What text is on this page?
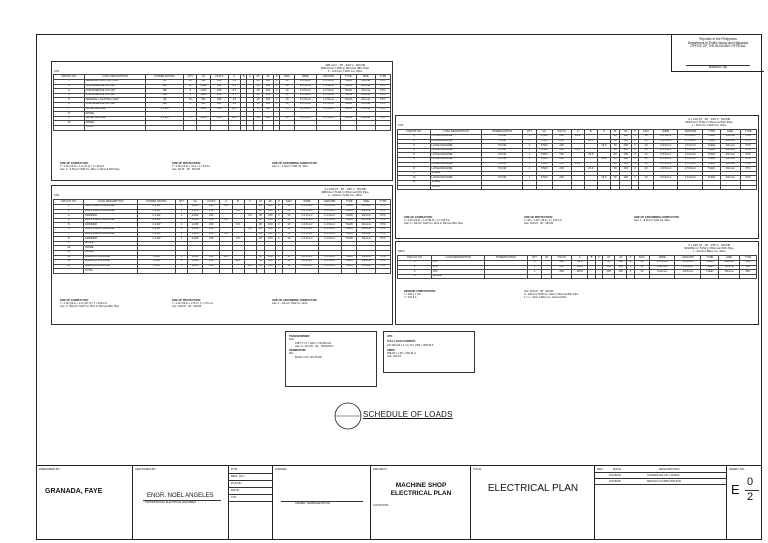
Republic of the Philippines
Department of Public Works and Highways
OFFICE OF THE BUILDING OFFICIAL
Bacolod City
LP1
3#8 mm² , 2P , 230 V , MCCB
3#8.0mm² THW in 20mmø IMC Pipe
1 - 2.0mm² THW Cu. Wire
CIRCUIT NO.	LOAD DESCRIPTION	POWER RATING	QTY	VA	VOLTS	A	B	C	AT	AF	P	KAIC	WIRE	GROUND	TYPE	SIZE	TYPE
1	GENERAL LIGHTING LOAD	36	12	432	230	1.9			20	100	2	10	2-3.5mm²	1-3.5mm²	THHN	20mmø	PVC
2	CONVENIENCE OUTLET	180	8	1440	230	6.3			20	100	2	10	2-3.5mm²	1-3.5mm²	THHN	20mmø	PVC
3	CONVENIENCE OUTLET	180	8	1440	230	6.3			20	100	2	10	2-3.5mm²	1-3.5mm²	THHN	20mmø	PVC
4	CONVENIENCE OUTLET	180	6	1080	230	4.7			20	100	2	10	2-3.5mm²	1-3.5mm²	THHN	20mmø	PVC
5	GENERAL LIGHTING LOAD	36	10	360	230	1.6			20	100	2	10	2-3.5mm²	1-3.5mm²	THHN	20mmø	PVC
6	CONVENIENCE OUTLET	180	5	900	230	3.9			20	100	2	10	2-3.5mm²	1-3.5mm²	THHN	20mmø	PVC
7	WATER HEATER	3.0 kW	1	3000	230	13.0			30	100	2	10	2-5.5mm²	1-5.5mm²	THHN	20mmø	PVC
8	SPARE																
9	WATER HEATER	3.0 kW	1	3000	230	13.0			30	100	2	10	2-5.5mm²	1-5.5mm²	THHN	20mmø	PVC
10	SPARE																
	TOTAL																
SIZE OF CONDUCTOR:
I = 1.25 (13.0) + 1.0 (41.2) / 1 = 49.8 A
Use: 3 - 5.5mm² THW Cu. Wire in 20mmø IMC Pipe

SIZE OF PROTECTION:
I = 1.25 (13.0) + 41.2 / 1 = 54.9 A
Use: 60 AT , 2P , MCCB

SIZE OF GROUNDING CONDUCTOR:
Use: 1 - 3.5mm² THW Cu. Wire

LP2
3 x 100 AT , 3P , 230 V , MCCB
3#80mm² THW in 50mmø IMC Pipe
1 - 22mm² THW Cu. Wire
CIRCUIT NO.	LOAD DESCRIPTION	POWER RATING	QTY	VA	VOLTS	A	B	C	AT	AF	P	KAIC	WIRE	GROUND	TYPE	SIZE	TYPE
1	DRILL PRESS MACHINE	2.2 kW	1	2,200	230	9.6			20	100	2	10	2-3.5mm²	1-3.5mm²	THHN	20mmø	PVC
2	DRILL PRESS MACHINE	2.2 kW	1	2,200	230		9.6		20	100	2	10	2-3.5mm²	1-3.5mm²	THHN	20mmø	PVC
3	GRINDER	2.2 kW	1	2,200	230			9.6	20	100	2	10	2-3.5mm²	1-3.5mm²	THHN	20mmø	PVC
4	DRILL PRESS MACHINE	2.2 kW	1	2,200	230	9.6			20	100	2	10	2-3.5mm²	1-3.5mm²	THHN	20mmø	PVC
5	GRINDER	2.2 kW	1	2,200	230		9.6		20	100	2	10	2-3.5mm²	1-3.5mm²	THHN	20mmø	PVC
6	DRILL PRESS MACHINE	2.2 kW	1	2,200	230			9.6	20	100	2	10	2-3.5mm²	1-3.5mm²	THHN	20mmø	PVC
7	DRILL PRESS MACHINE	2.2 kW	1	2,200	230	9.6			20	100	2	10	2-3.5mm²	1-3.5mm²	THHN	20mmø	PVC
8	GRINDER	2.2 kW	1	2,200	230		9.6		20	100	2	10	2-3.5mm²	1-3.5mm²	THHN	20mmø	PVC
9	SPARE																
10	SPARE																
11	SPARE																
12	WELDING MACHINE	9 kVA	1	9,000	230	39.1			50	100	2	10	2-8.0mm²	1-5.5mm²	THHN	25mmø	PVC
13	WELDING MACHINE	9 kVA	1	9,000	230		39.1		50	100	2	10	2-8.0mm²	1-5.5mm²	THHN	25mmø	PVC
14	WELDING MACHINE	9 kVA	1	9,000	230			39.1	50	100	2	10	2-8.0mm²	1-5.5mm²	THHN	25mmø	PVC
	TOTAL																
SIZE OF CONDUCTOR:
I = 1.25 (39.1) + 1.0 (117.3) / 1 = 166.2 A
Use: 3 - 80mm² THW Cu. Wire in 50mmø IMC Pipe

SIZE OF PROTECTION:
I = 1.25 (39.1) + 176.0 / 1 = 170.1 A
Use: 200 AT , 3P , MCCB

SIZE OF GROUNDING CONDUCTOR:
Use: 1 - 22mm² THW Cu. Wire

LP3
3 x 100 AT , 3P , 230 V , MCCB
3#22mm² THW in 25mmø IMC Pipe
1 - 8.0mm² THW Cu. Wire
CIRCUIT NO.	LOAD DESCRIPTION	POWER RATING	QTY	VA	VOLTS	A	B	C	AT	AF	P	KAIC	WIRE	GROUND	TYPE	SIZE	TYPE
1	LATHE MACHINE	5.5 kW	1	5,500	230	23.9			30	100	2	10	2-5.5mm²	1-5.5mm²	THHN	20mmø	PVC
2	LATHE MACHINE	5.5 kW	1	5,500	230		23.9		30	100	2	10	2-5.5mm²	1-5.5mm²	THHN	20mmø	PVC
3	LATHE MACHINE	5.5 kW	1	5,500	230			23.9	30	100	2	10	2-5.5mm²	1-5.5mm²	THHN	20mmø	PVC
4	LATHE MACHINE	5.5 kW	1	5,500	230	23.9			30	100	2	10	2-5.5mm²	1-5.5mm²	THHN	20mmø	PVC
5	LATHE MACHINE	5.5 kW	1	5,500	230		23.9		30	100	2	10	2-5.5mm²	1-5.5mm²	THHN	20mmø	PVC
6	LATHE MACHINE	5.5 kW	1	5,500	230			23.9	30	100	2	10	2-5.5mm²	1-5.5mm²	THHN	20mmø	PVC
7	LATHE MACHINE	5.5 kW	1	5,500	230	23.9			30	100	2	10	2-5.5mm²	1-5.5mm²	THHN	20mmø	PVC
8	LATHE MACHINE	5.5 kW	1	5,500	230		23.9		30	100	2	10	2-5.5mm²	1-5.5mm²	THHN	20mmø	PVC
9	SPARE																
10	LATHE MACHINE	5.5 kW	1	5,500	230			23.9	30	100	2	10	2-5.5mm²	1-5.5mm²	THHN	20mmø	PVC
11	SPARE																
	TOTAL																
SIZE OF CONDUCTOR:
I = 1.25 (23.9) + 1.0 (95.6) / 1 = 125.5 A
Use: 3 - 22mm² THW Cu. Wire in 25mmø IMC Pipe

SIZE OF PROTECTION:
I = 95 + 1.25 x 23.9 / 1 = 124.9 A
Use: 100 AT , 3P , MCCB

SIZE OF GROUNDING CONDUCTOR:
Use: 1 - 8.0mm² THW Cu. Wire

MDP
3 x 225 AT , 3P , 230 V , MCCB
3#125mm² THW in 50mmø IMC Pipe
1 - 22mm² Bare Cu. Wire
CIRCUIT NO.	LOAD DESCRIPTION	POWER RATING	QTY	VA	VOLTS	A	B	C	AT	AF	P	KAIC	WIRE	GROUND	TYPE	SIZE	TYPE
1	LP1		1		230	49.8			60	100	2	10	3-5.5mm²	1-3.5mm²	THHN	20mmø	IMC
2	LP2		1		230	166.2			200	225	3	10	3-80mm²	1-22mm²	THHN	50mmø	IMC
3	LP3		1		230	125.5			100	225	3	10	3-22mm²	1-8.0mm²	THHN	25mmø	IMC
4	SPARE																
DEMAND COMPUTATION:
I = 166.2 x 0.8
I = 132.9 A

Use: 225 AT , 3P , MCCB
3 - 125mm² THW Cu. Wire in 50mmø IMC Pipe
1 = 1 - 22mm² Bare Cu. Ground Wire

TRANSFORMER:
kVA:
108.77 x 3 = 326.x = 82.99 kVA
Use: 3 - 30 kVA , 1Ø , 7620/230 V
GENERATOR:
kW:
82.99 x 0.8 = 66.39 kW
ATS:
FULL LOAD CURRENT:
127.48 kVA x 3 / (1.73 x 230) = 208.25 A
AMPS:
208.25 x 1.25 = 260.31 A
Use: 300 AT
SCHEDULE OF LOADS
PREPARED BY:
GRANADA, FAYE
CERTIFIED BY:
ENGR. NOEL ANGELES
PROFESSIONAL ELECTRICAL ENGINEER
PTR:
REG. NO.:
PLACE:
DATE:
TIN:
OWNER:
OWNER / REPRESENTATIVE
PROJECT:
MACHINE SHOP
ELECTRICAL PLAN
LOCATION:
TITLE:
ELECTRICAL PLAN
REV	DATE	DESCRIPTION
10/28/15	SCHEDULE OF LOADS
10/28/15	DESIGN COMPUTATION
SHEET NO.
E 0
2
